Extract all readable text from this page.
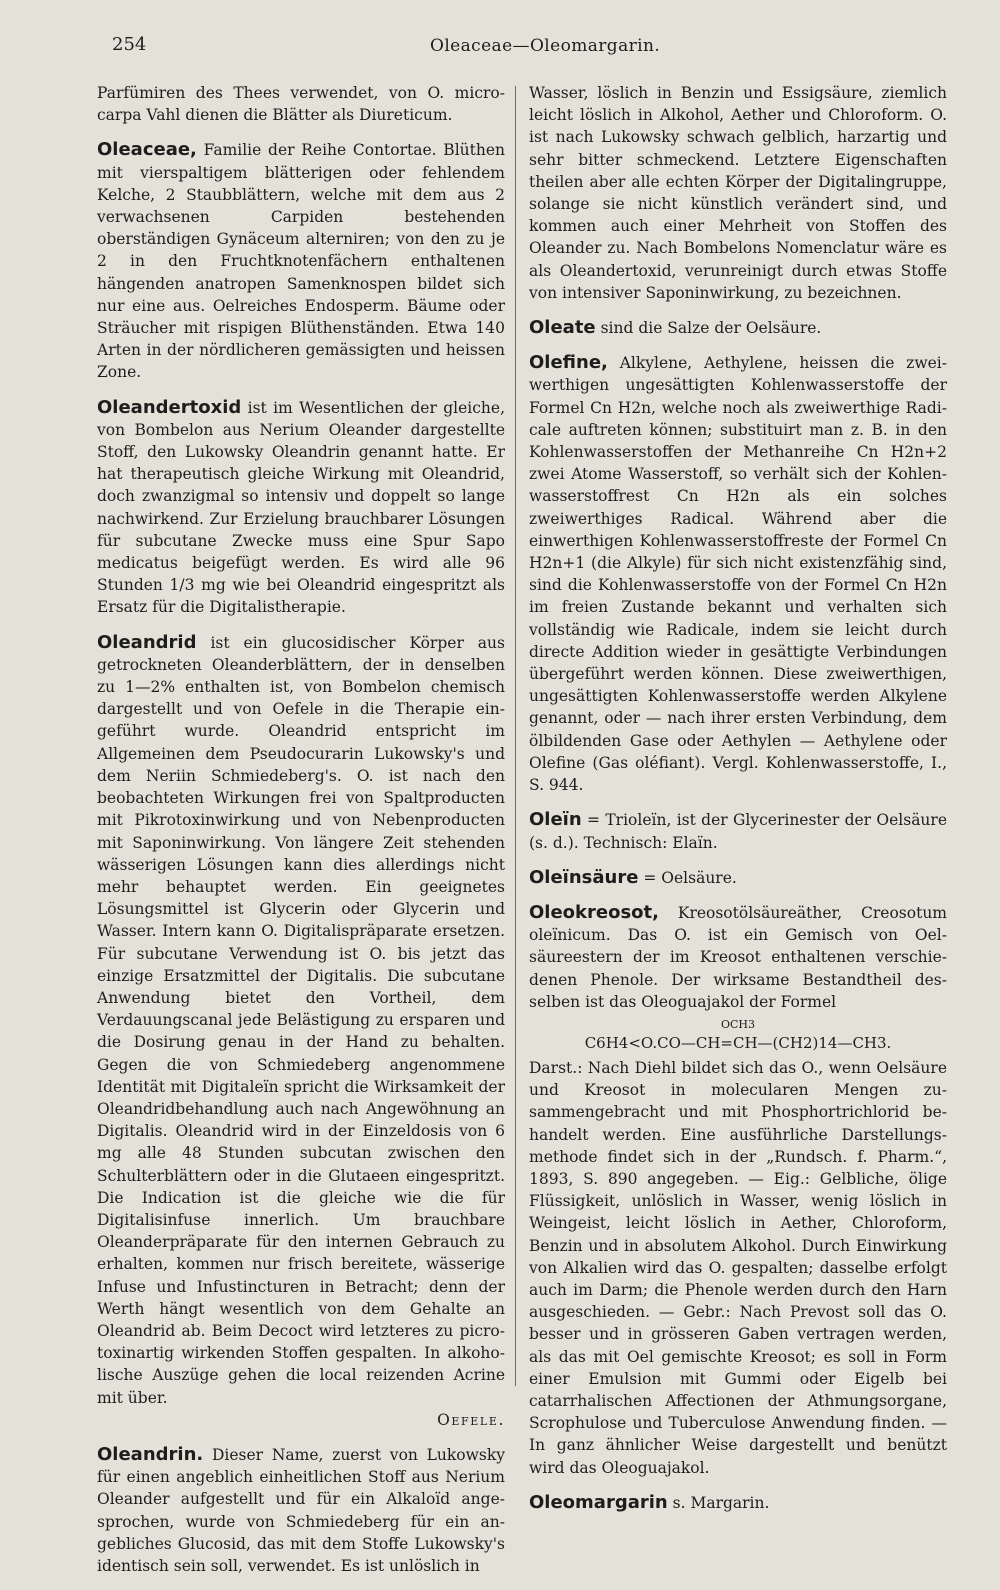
254	Oleaceae—Oleomargarin.

Parfümiren des Thees verwendet, von O. microcarpa Vahl dienen die Blätter als Diureticum.

Oleaceae, Familie der Reihe Contortae. Blüthen mit vierspaltigem blätterigen oder fehlendem Kelche, 2 Staubblättern, welche mit dem aus 2 verwachsenen Carpiden bestehenden oberständigen Gynäceum alterniren; von den zu je 2 in den Fruchtknotenfächern enthaltenen hängenden anatropen Samenknospen bildet sich nur eine aus. Oelreiches Endosperm. Bäume oder Sträucher mit rispigen Blüthenständen. Etwa 140 Arten in der nördlicheren gemässigten und heissen Zone.

Oleandertoxid ist im Wesentlichen der gleiche, von Bombelon aus Nerium Oleander dargestellte Stoff, den Lukowsky Oleandrin genannt hatte. Er hat therapeutisch gleiche Wirkung mit Oleandrid, doch zwanzigmal so intensiv und doppelt so lange nachwirkend. Zur Erzielung brauchbarer Lösungen für subcutane Zwecke muss eine Spur Sapo medicatus beigefügt werden. Es wird alle 96 Stunden 1/3 mg wie bei Oleandrid eingespritzt als Ersatz für die Digitalistherapie.

Oleandrid ist ein glucosidischer Körper aus getrockneten Oleanderblättern, der in denselben zu 1—2% enthalten ist, von Bombelon chemisch dargestellt und von Oefele in die Therapie eingeführt wurde. Oleandrid entspricht im Allgemeinen dem Pseudocurarin Lukowsky's und dem Neriin Schmiedeberg's. O. ist nach den beobachteten Wirkungen frei von Spaltproducten mit Pikrotoxinwirkung und von Nebenproducten mit Saponinwirkung. Von längere Zeit stehenden wässerigen Lösungen kann dies allerdings nicht mehr behauptet werden. Ein geeignetes Lösungsmittel ist Glycerin oder Glycerin und Wasser. Intern kann O. Digitalispräparate ersetzen. Für subcutane Verwendung ist O. bis jetzt das einzige Ersatzmittel der Digitalis. Die subcutane Anwendung bietet den Vortheil, dem Verdauungscanal jede Belästigung zu ersparen und die Dosirung genau in der Hand zu behalten. Gegen die von Schmiedeberg angenommene Identität mit Digitaleïn spricht die Wirksamkeit der Oleandridbehandlung auch nach Angewöhnung an Digitalis. Oleandrid wird in der Einzeldosis von 6 mg alle 48 Stunden subcutan zwischen den Schulterblättern oder in die Glutaeen eingespritzt. Die Indication ist die gleiche wie die für Digitalisinfuse innerlich. Um brauchbare Oleanderpräparate für den internen Gebrauch zu erhalten, kommen nur frisch bereitete, wässerige Infuse und Infustincturen in Betracht; denn der Werth hängt wesentlich von dem Gehalte an Oleandrid ab. Beim Decoct wird letzteres zu picrotoxinartig wirkenden Stoffen gespalten. In alkoholische Auszüge gehen die local reizenden Acrine mit über.

Oefele.

Oleandrin. Dieser Name, zuerst von Lukowsky für einen angeblich einheitlichen Stoff aus Nerium Oleander aufgestellt und für ein Alkaloïd angesprochen, wurde von Schmiedeberg für ein angebliches Glucosid, das mit dem Stoffe Lukowsky's identisch sein soll, verwendet. Es ist unlöslich in

Wasser, löslich in Benzin und Essigsäure, ziemlich leicht löslich in Alkohol, Aether und Chloroform. O. ist nach Lukowsky schwach gelblich, harzartig und sehr bitter schmeckend. Letztere Eigenschaften theilen aber alle echten Körper der Digitalingruppe, solange sie nicht künstlich verändert sind, und kommen auch einer Mehrheit von Stoffen des Oleander zu. Nach Bombelons Nomenclatur wäre es als Oleandertoxid, verunreinigt durch etwas Stoffe von intensiver Saponinwirkung, zu bezeichnen.

Oleate sind die Salze der Oelsäure.

Olefine, Alkylene, Aethylene, heissen die zweiwerthigen ungesättigten Kohlenwasserstoffe der Formel Cn H2n, welche noch als zweiwerthige Radicale auftreten können; substituirt man z. B. in den Kohlenwasserstoffen der Methanreihe Cn H2n+2 zwei Atome Wasserstoff, so verhält sich der Kohlenwasserstoffrest Cn H2n als ein solches zweiwerthiges Radical. Während aber die einwerthigen Kohlenwasserstoffreste der Formel Cn H2n+1 (die Alkyle) für sich nicht existenzfähig sind, sind die Kohlenwasserstoffe von der Formel Cn H2n im freien Zustande bekannt und verhalten sich vollständig wie Radicale, indem sie leicht durch directe Addition wieder in gesättigte Verbindungen übergeführt werden können. Diese zweiwerthigen, ungesättigten Kohlenwasserstoffe werden Alkylene genannt, oder — nach ihrer ersten Verbindung, dem ölbildenden Gase oder Aethylen — Aethylene oder Olefine (Gas oléfiant). Vergl. Kohlenwasserstoffe, I., S. 944.

Oleïn = Trioleïn, ist der Glycerinester der Oelsäure (s. d.). Technisch: Elaïn.

Oleïnsäure = Oelsäure.

Oleokreosot, Kreosotölsäureäther, Creosotum oleïnicum. Das O. ist ein Gemisch von Oelsäureestern der im Kreosot enthaltenen verschiedenen Phenole. Der wirksame Bestandtheil desselben ist das Oleoguajakol der Formel

OCH3
C6H4<O.CO—CH=CH—(CH2)14—CH3.

Darst.: Nach Diehl bildet sich das O., wenn Oelsäure und Kreosot in molecularen Mengen zusammengebracht und mit Phosphortrichlorid behandelt werden. Eine ausführliche Darstellungsmethode findet sich in der „Rundsch. f. Pharm.“, 1893, S. 890 angegeben. — Eig.: Gelbliche, ölige Flüssigkeit, unlöslich in Wasser, wenig löslich in Weingeist, leicht löslich in Aether, Chloroform, Benzin und in absolutem Alkohol. Durch Einwirkung von Alkalien wird das O. gespalten; dasselbe erfolgt auch im Darm; die Phenole werden durch den Harn ausgeschieden. — Gebr.: Nach Prevost soll das O. besser und in grösseren Gaben vertragen werden, als das mit Oel gemischte Kreosot; es soll in Form einer Emulsion mit Gummi oder Eigelb bei catarrhalischen Affectionen der Athmungsorgane, Scrophulose und Tuberculose Anwendung finden. — In ganz ähnlicher Weise dargestellt und benützt wird das Oleoguajakol.

Oleomargarin s. Margarin.
